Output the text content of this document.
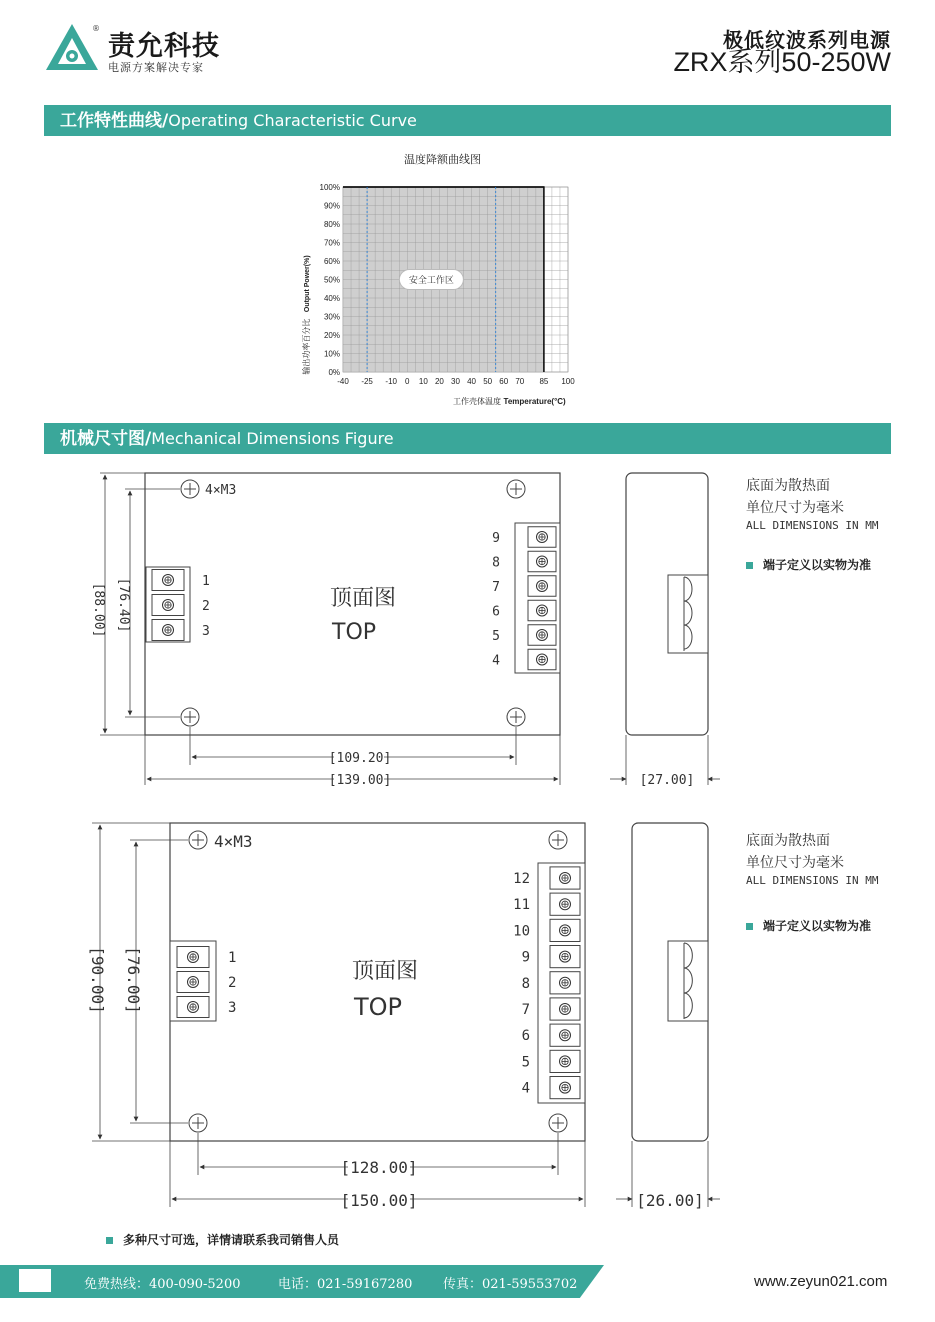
®
责允科技
电源方案解决专家
极低纹波系列电源
ZRX系列50-250W
工作特性曲线/Operating Characteristic Curve
温度降额曲线图
安全工作区
0%
10%
20%
30%
40%
50%
60%
70%
80%
90%
100%
-40 -25 -10 0 10 20 30 40 50 60 70 85 100
输出功率百分比 Output Power(%)
工作壳体温度 Temperature(°C)
机械尺寸图/Mechanical Dimensions Figure
4×M3
1
2
3
9
8
7
6
5
4
顶面图
TOP
[88.00] [76.40]
[109.20]
[139.00]	[27.00]
底面为散热面
单位尺寸为毫米
ALL DIMENSIONS IN MM
端子定义以实物为准
4×M3
1
2
3
12
11
10
9
8
7
6
5
4
顶面图
TOP
[90.00] [76.00]
[128.00]
[150.00]	[26.00]
底面为散热面
单位尺寸为毫米
ALL DIMENSIONS IN MM
端子定义以实物为准
多种尺寸可选，详情请联系我司销售人员
免费热线：400-090-5200	电话：021-59167280 传真：021-59553702	www.zeyun021.com
